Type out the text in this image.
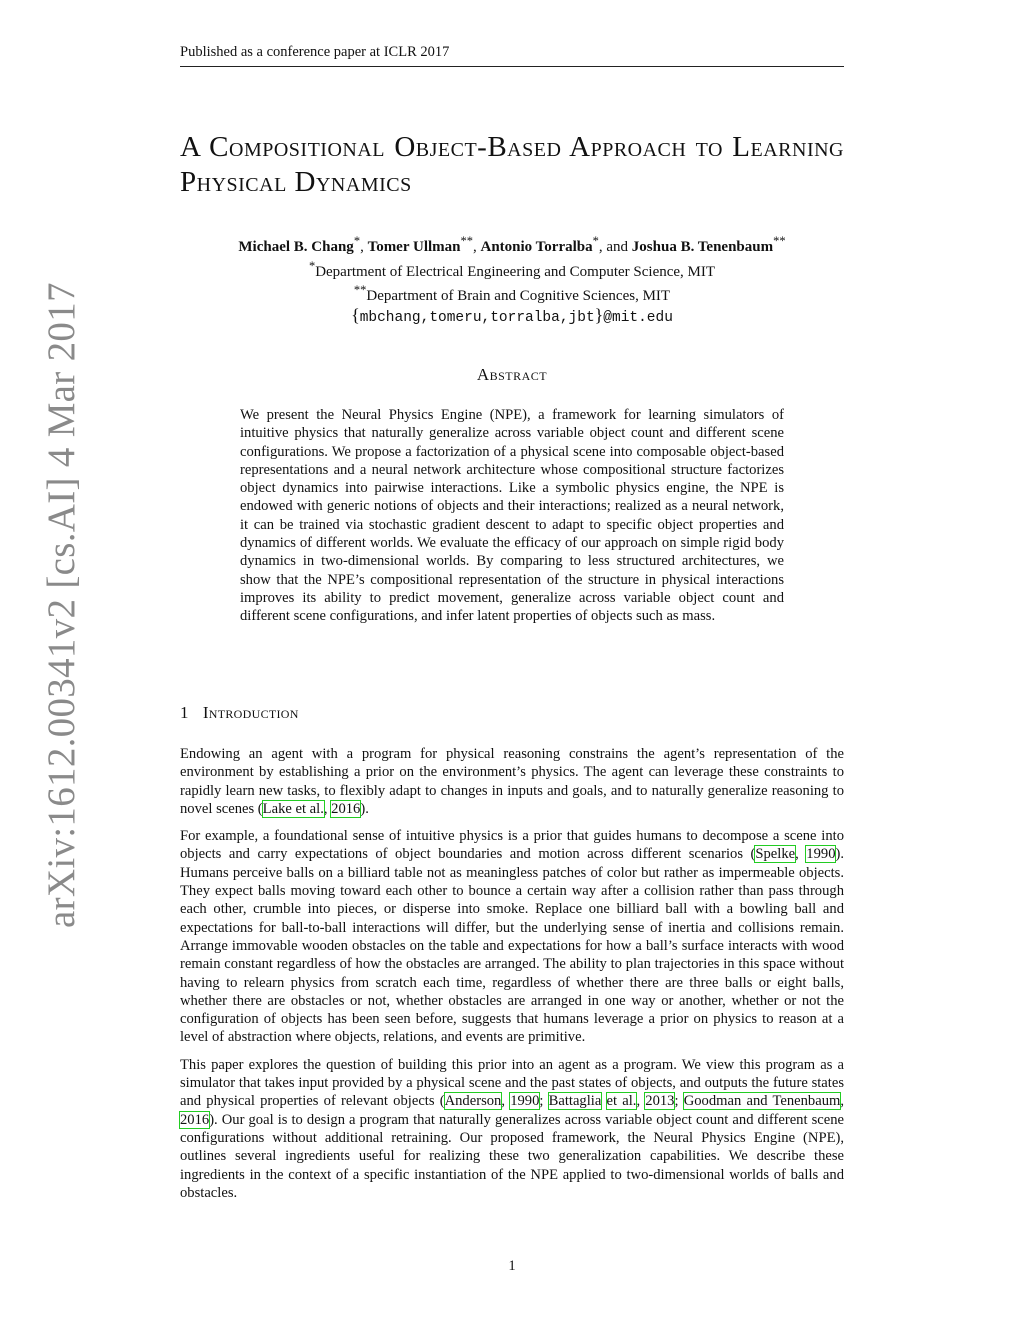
Published as a conference paper at ICLR 2017
arXiv:1612.00341v2 [cs.AI] 4 Mar 2017
A Compositional Object-Based Approach to Learning Physical Dynamics
Michael B. Chang*, Tomer Ullman**, Antonio Torralba*, and Joshua B. Tenenbaum**
*Department of Electrical Engineering and Computer Science, MIT
**Department of Brain and Cognitive Sciences, MIT
{mbchang,tomeru,torralba,jbt}@mit.edu
Abstract

We present the Neural Physics Engine (NPE), a framework for learning simulators of intuitive physics that naturally generalize across variable object count and different scene configurations. We propose a factorization of a physical scene into composable object-based representations and a neural network architecture whose compositional structure factorizes object dynamics into pairwise interactions. Like a symbolic physics engine, the NPE is endowed with generic notions of objects and their interactions; realized as a neural network, it can be trained via stochastic gradient descent to adapt to specific object properties and dynamics of different worlds. We evaluate the efficacy of our approach on simple rigid body dynamics in two-dimensional worlds. By comparing to less structured architectures, we show that the NPE’s compositional representation of the structure in physical interactions improves its ability to predict movement, generalize across variable object count and different scene configurations, and infer latent properties of objects such as mass.

1 Introduction

Endowing an agent with a program for physical reasoning constrains the agent’s representation of the environment by establishing a prior on the environment’s physics. The agent can leverage these constraints to rapidly learn new tasks, to flexibly adapt to changes in inputs and goals, and to naturally generalize reasoning to novel scenes (Lake et al., 2016).

For example, a foundational sense of intuitive physics is a prior that guides humans to decompose a scene into objects and carry expectations of object boundaries and motion across different scenarios (Spelke, 1990). Humans perceive balls on a billiard table not as meaningless patches of color but rather as impermeable objects. They expect balls moving toward each other to bounce a certain way after a collision rather than pass through each other, crumble into pieces, or disperse into smoke. Replace one billiard ball with a bowling ball and expectations for ball-to-ball interactions will differ, but the underlying sense of inertia and collisions remain. Arrange immovable wooden obstacles on the table and expectations for how a ball’s surface interacts with wood remain constant regardless of how the obstacles are arranged. The ability to plan trajectories in this space without having to relearn physics from scratch each time, regardless of whether there are three balls or eight balls, whether there are obstacles or not, whether obstacles are arranged in one way or another, whether or not the configuration of objects has been seen before, suggests that humans leverage a prior on physics to reason at a level of abstraction where objects, relations, and events are primitive.

This paper explores the question of building this prior into an agent as a program. We view this program as a simulator that takes input provided by a physical scene and the past states of objects, and outputs the future states and physical properties of relevant objects (Anderson, 1990; Battaglia et al., 2013; Goodman and Tenenbaum, 2016). Our goal is to design a program that naturally generalizes across variable object count and different scene configurations without additional retraining. Our proposed framework, the Neural Physics Engine (NPE), outlines several ingredients useful for realizing these two generalization capabilities. We describe these ingredients in the context of a specific instantiation of the NPE applied to two-dimensional worlds of balls and obstacles.

1
